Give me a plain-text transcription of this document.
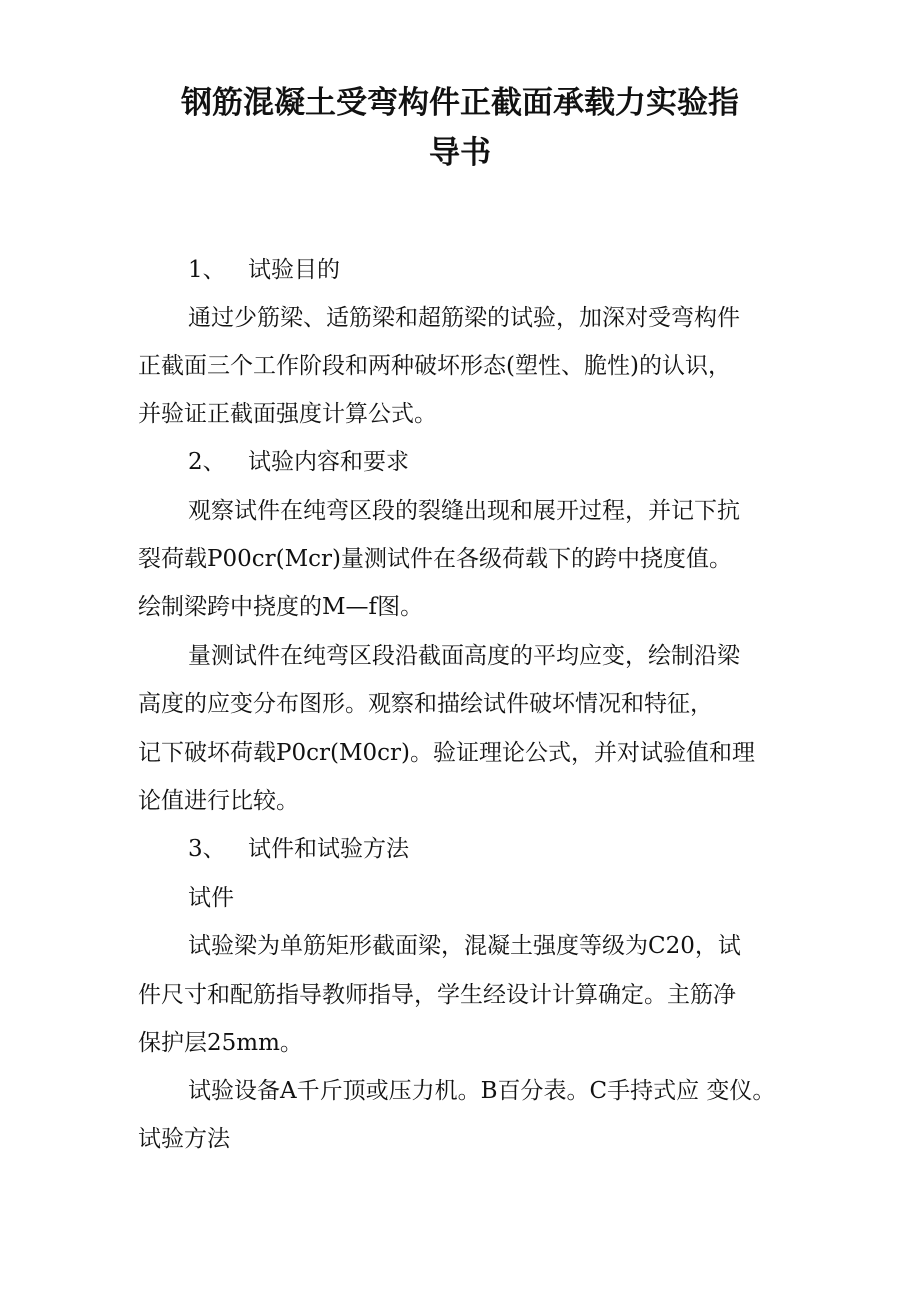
钢筋混凝土受弯构件正截面承载力实验指
导书
1、 试验目的

通过少筋梁、适筋梁和超筋梁的试验，加深对受弯构件

正截面三个工作阶段和两种破坏形态(塑性、脆性)的认识，

并验证正截面强度计算公式。

2、 试验内容和要求

观察试件在纯弯区段的裂缝出现和展开过程，并记下抗

裂荷载P00cr(Mcr)量测试件在各级荷载下的跨中挠度值。

绘制梁跨中挠度的M—f图。

量测试件在纯弯区段沿截面高度的平均应变，绘制沿梁

高度的应变分布图形。观察和描绘试件破坏情况和特征，

记下破坏荷载P0cr(M0cr)。验证理论公式，并对试验值和理

论值进行比较。

3、 试件和试验方法

试件

试验梁为单筋矩形截面梁，混凝土强度等级为C20，试

件尺寸和配筋指导教师指导，学生经设计计算确定。主筋净

保护层25mm。

试验设备A千斤顶或压力机。B百分表。C手持式应 变仪。

试验方法
